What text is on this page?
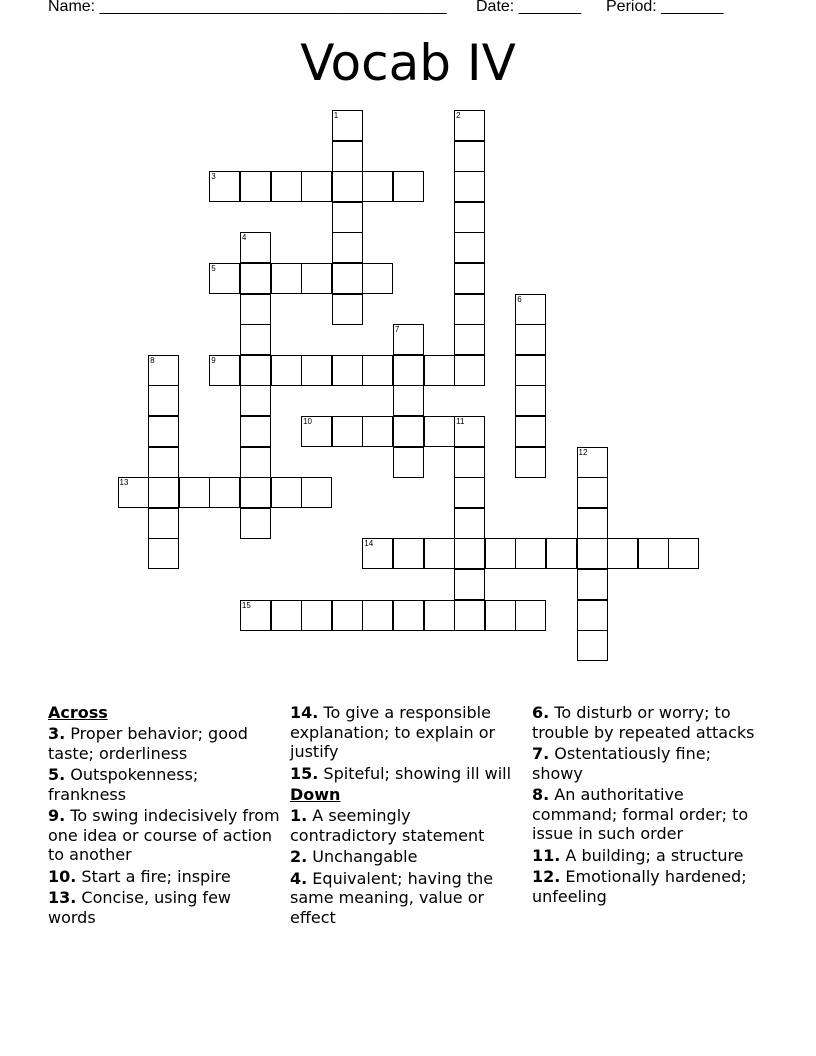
Name: _______________________________________ Date: _______ Period: _______
Vocab IV
3
5
9
10	11
13
14
15
1	2
4
6
7
8
12
Across
3. Proper behavior; good taste; orderliness
5. Outspokenness; frankness
9. To swing indecisively from one idea or course of action to another
10. Start a fire; inspire
13. Concise, using few words
14. To give a responsible explanation; to explain or justify
15. Spiteful; showing ill will
Down
1. A seemingly contradictory statement
2. Unchangable
4. Equivalent; having the same meaning, value or effect
6. To disturb or worry; to trouble by repeated attacks
7. Ostentatiously fine; showy
8. An authoritative command; formal order; to issue in such order
11. A building; a structure
12. Emotionally hardened; unfeeling
